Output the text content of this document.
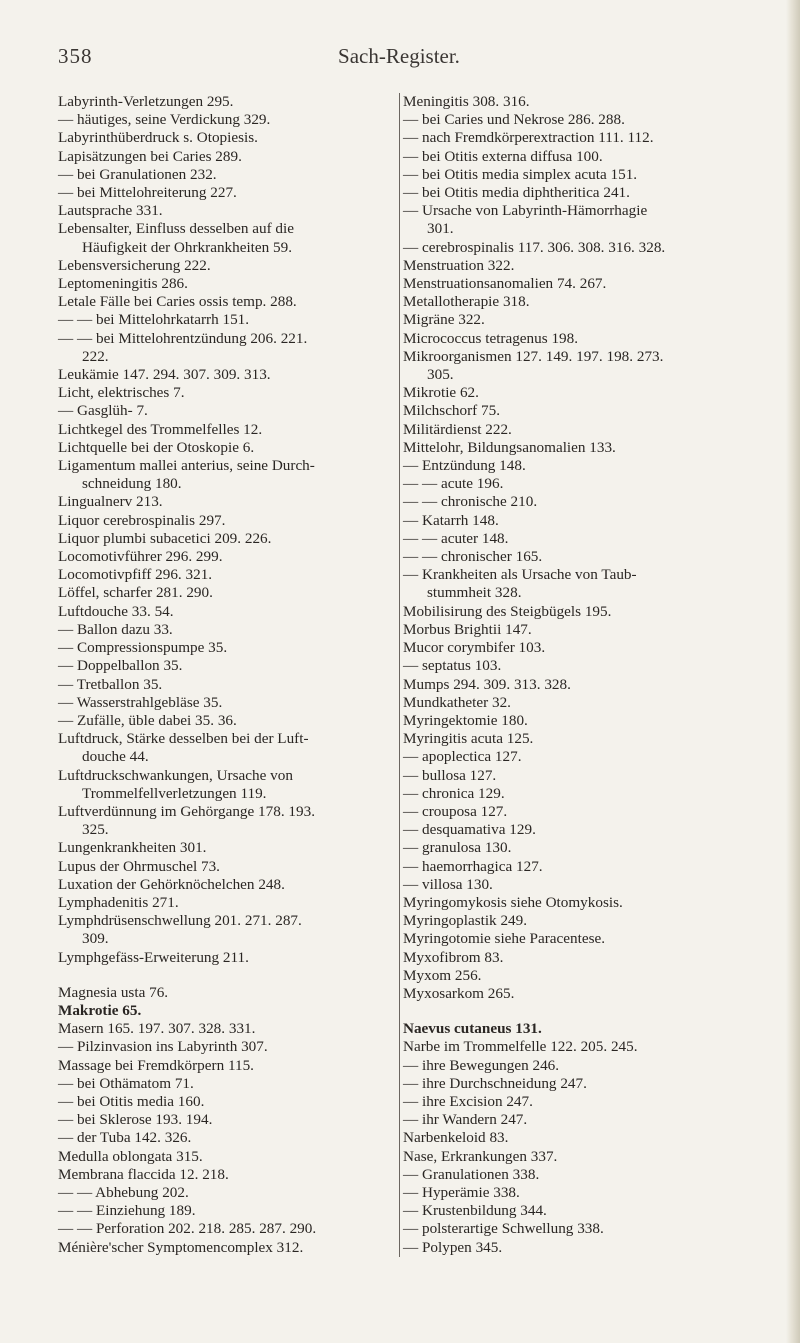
358	Sach-Register.
Labyrinth-Verletzungen 295.
— häutiges, seine Verdickung 329.
Labyrinthüberdruck s. Otopiesis.
Lapisätzungen bei Caries 289.
— bei Granulationen 232.
— bei Mittelohreiterung 227.
Lautsprache 331.
Lebensalter, Einfluss desselben auf die
Häufigkeit der Ohrkrankheiten 59.
Lebensversicherung 222.
Leptomeningitis 286.
Letale Fälle bei Caries ossis temp. 288.
— — bei Mittelohrkatarrh 151.
— — bei Mittelohrentzündung 206. 221.
222.
Leukämie 147. 294. 307. 309. 313.
Licht, elektrisches 7.
— Gasglüh- 7.
Lichtkegel des Trommelfelles 12.
Lichtquelle bei der Otoskopie 6.
Ligamentum mallei anterius, seine Durch-
schneidung 180.
Lingualnerv 213.
Liquor cerebrospinalis 297.
Liquor plumbi subacetici 209. 226.
Locomotivführer 296. 299.
Locomotivpfiff 296. 321.
Löffel, scharfer 281. 290.
Luftdouche 33. 54.
— Ballon dazu 33.
— Compressionspumpe 35.
— Doppelballon 35.
— Tretballon 35.
— Wasserstrahlgebläse 35.
— Zufälle, üble dabei 35. 36.
Luftdruck, Stärke desselben bei der Luft-
douche 44.
Luftdruckschwankungen, Ursache von
Trommelfellverletzungen 119.
Luftverdünnung im Gehörgange 178. 193.
325.
Lungenkrankheiten 301.
Lupus der Ohrmuschel 73.
Luxation der Gehörknöchelchen 248.
Lymphadenitis 271.
Lymphdrüsenschwellung 201. 271. 287.
309.
Lymphgefäss-Erweiterung 211.
Magnesia usta 76.
Makrotie 65.
Masern 165. 197. 307. 328. 331.
— Pilzinvasion ins Labyrinth 307.
Massage bei Fremdkörpern 115.
— bei Othämatom 71.
— bei Otitis media 160.
— bei Sklerose 193. 194.
— der Tuba 142. 326.
Medulla oblongata 315.
Membrana flaccida 12. 218.
— — Abhebung 202.
— — Einziehung 189.
— — Perforation 202. 218. 285. 287. 290.
Ménière'scher Symptomencomplex 312.
Meningitis 308. 316.
— bei Caries und Nekrose 286. 288.
— nach Fremdkörperextraction 111. 112.
— bei Otitis externa diffusa 100.
— bei Otitis media simplex acuta 151.
— bei Otitis media diphtheritica 241.
— Ursache von Labyrinth-Hämorrhagie
301.
— cerebrospinalis 117. 306. 308. 316. 328.
Menstruation 322.
Menstruationsanomalien 74. 267.
Metallotherapie 318.
Migräne 322.
Micrococcus tetragenus 198.
Mikroorganismen 127. 149. 197. 198. 273.
305.
Mikrotie 62.
Milchschorf 75.
Militärdienst 222.
Mittelohr, Bildungsanomalien 133.
— Entzündung 148.
— — acute 196.
— — chronische 210.
— Katarrh 148.
— — acuter 148.
— — chronischer 165.
— Krankheiten als Ursache von Taub-
stummheit 328.
Mobilisirung des Steigbügels 195.
Morbus Brightii 147.
Mucor corymbifer 103.
— septatus 103.
Mumps 294. 309. 313. 328.
Mundkatheter 32.
Myringektomie 180.
Myringitis acuta 125.
— apoplectica 127.
— bullosa 127.
— chronica 129.
— crouposa 127.
— desquamativa 129.
— granulosa 130.
— haemorrhagica 127.
— villosa 130.
Myringomykosis siehe Otomykosis.
Myringoplastik 249.
Myringotomie siehe Paracentese.
Myxofibrom 83.
Myxom 256.
Myxosarkom 265.
Naevus cutaneus 131.
Narbe im Trommelfelle 122. 205. 245.
— ihre Bewegungen 246.
— ihre Durchschneidung 247.
— ihre Excision 247.
— ihr Wandern 247.
Narbenkeloid 83.
Nase, Erkrankungen 337.
— Granulationen 338.
— Hyperämie 338.
— Krustenbildung 344.
— polsterartige Schwellung 338.
— Polypen 345.
